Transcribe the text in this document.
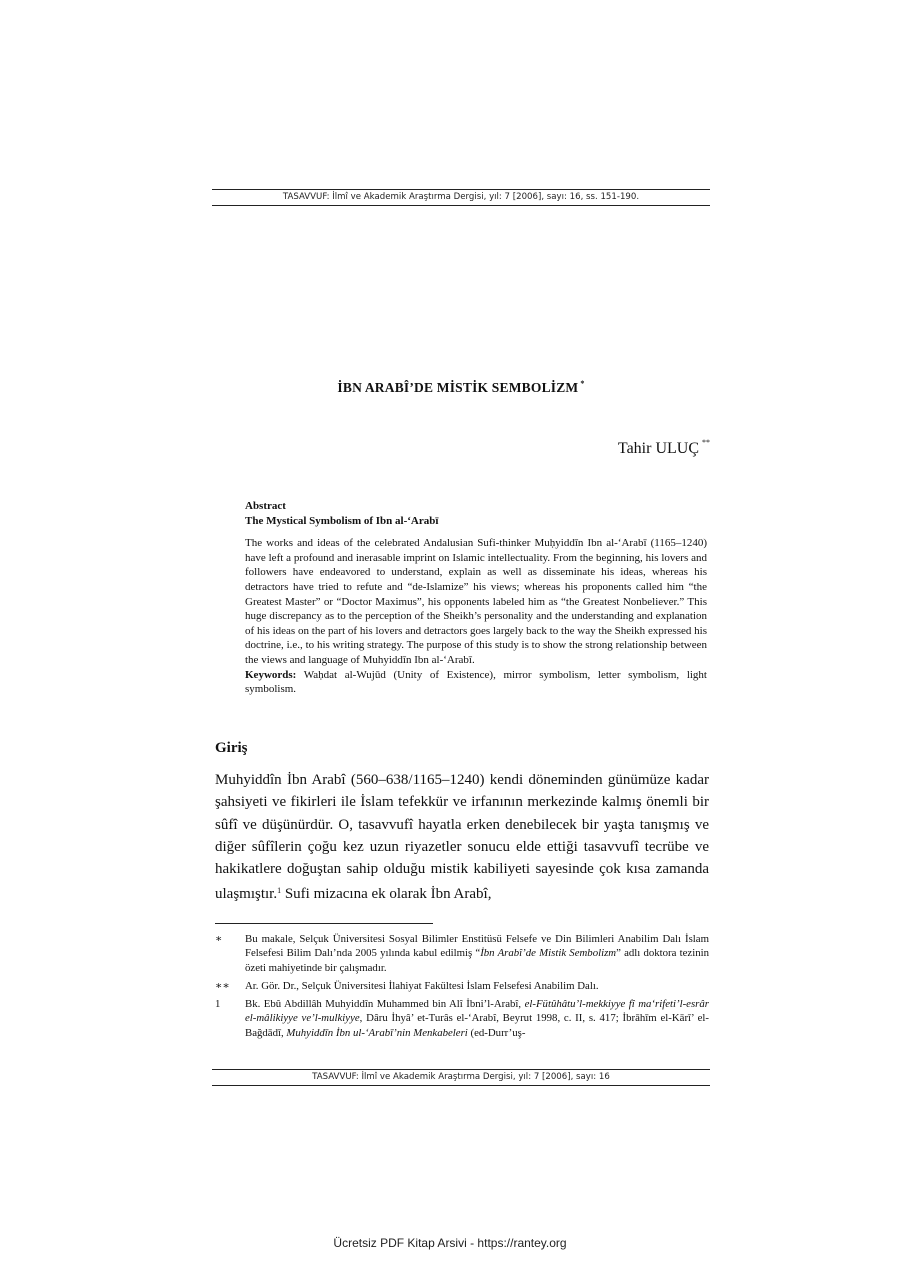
TASAVVUF: İlmî ve Akademik Araştırma Dergisi, yıl: 7 [2006], sayı: 16, ss. 151-190.
İBN ARABÎ’DE MİSTİK SEMBOLİZM *
Tahir ULUÇ **
Abstract
The Mystical Symbolism of Ibn al-‘Arabī

The works and ideas of the celebrated Andalusian Sufi-thinker Muḥyiddīn Ibn al-‘Arabī (1165–1240) have left a profound and inerasable imprint on Islamic intellectuality. From the beginning, his lovers and followers have endeavored to understand, explain as well as disseminate his ideas, whereas his detractors have tried to refute and “de-Islamize” his views; whereas his proponents called him “the Greatest Master” or “Doctor Maximus”, his opponents labeled him as “the Greatest Nonbeliever.” This huge discrepancy as to the perception of the Sheikh’s personality and the understanding and explanation of his ideas on the part of his lovers and detractors goes largely back to the way the Sheikh expressed his doctrine, i.e., to his writing strategy. The purpose of this study is to show the strong relationship between the views and language of Muhyiddīn Ibn al-‘Arabī.

Keywords: Waḥdat al-Wujūd (Unity of Existence), mirror symbolism, letter symbolism, light symbolism.

Giriş

Muhyiddîn İbn Arabî (560–638/1165–1240) kendi döneminden günümüze kadar şahsiyeti ve fikirleri ile İslam tefekkür ve irfanının merkezinde kalmış önemli bir sûfî ve düşünürdür. O, tasavvufî hayatla erken denebilecek bir yaşta tanışmış ve diğer sûfîlerin çoğu kez uzun riyazetler sonucu elde ettiği tasavvufî tecrübe ve hakikatlere doğuştan sahip olduğu mistik kabiliyeti sayesinde çok kısa zamanda ulaşmıştır.$^1$ Sufi mizacına ek olarak İbn Arabî,

∗	Bu makale, Selçuk Üniversitesi Sosyal Bilimler Enstitüsü Felsefe ve Din Bilimleri Anabilim Dalı İslam Felsefesi Bilim Dalı’nda 2005 yılında kabul edilmiş “İbn Arabî’de Mistik Sembolizm” adlı doktora tezinin özeti mahiyetinde bir çalışmadır.
∗∗	Ar. Gör. Dr., Selçuk Üniversitesi İlahiyat Fakültesi İslam Felsefesi Anabilim Dalı.
1	Bk. Ebû Abdillâh Muhyiddîn Muhammed bin Alî İbni’l-Arabî, el-Fütûhâtu’l-mekkiyye fî ma‘rifeti’l-esrâr el-mâlikiyye ve’l-mulkiyye, Dâru İhyâ’ et-Turâs el-‘Arabî, Beyrut 1998, c. II, s. 417; İbrāhīm el-Kārī’ el-Bağdādī, Muhyiddīn İbn ul-‘Arabī’nin Menkabeleri (ed-Durr’uş-
TASAVVUF: İlmî ve Akademik Araştırma Dergisi, yıl: 7 [2006], sayı: 16
Ücretsiz PDF Kitap Arsivi - https://rantey.org
